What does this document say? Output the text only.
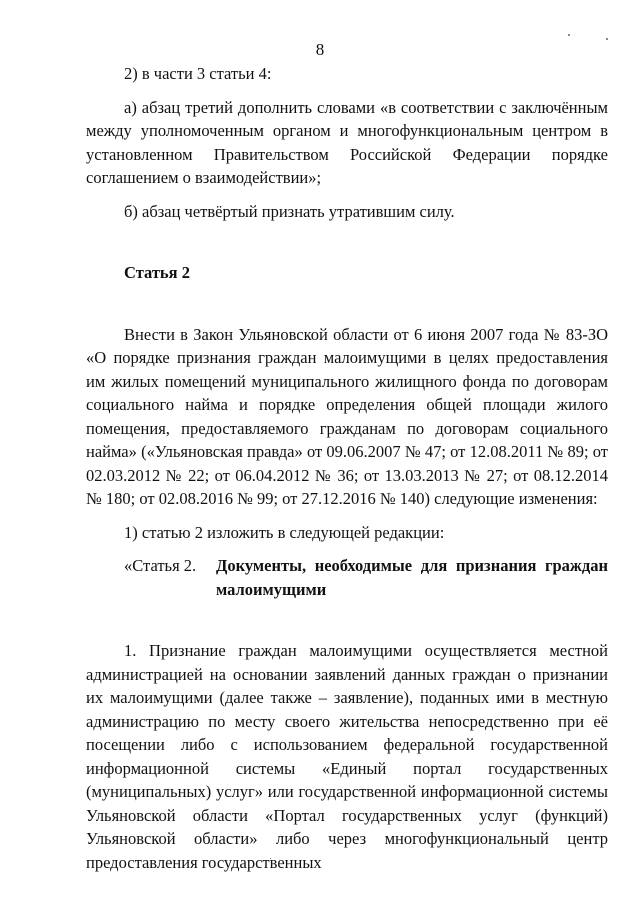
8

2) в части 3 статьи 4:

а) абзац третий дополнить словами «в соответствии с заключённым между уполномоченным органом и многофункциональным центром в установленном Правительством Российской Федерации порядке соглашением о взаимодействии»;

б) абзац четвёртый признать утратившим силу.

Статья 2

Внести в Закон Ульяновской области от 6 июня 2007 года № 83-ЗО «О порядке признания граждан малоимущими в целях предоставления им жилых помещений муниципального жилищного фонда по договорам социального найма и порядке определения общей площади жилого помещения, предоставляемого гражданам по договорам социального найма» («Ульяновская правда» от 09.06.2007 № 47; от 12.08.2011 № 89; от 02.03.2012 № 22; от 06.04.2012 № 36; от 13.03.2013 № 27; от 08.12.2014 № 180; от 02.08.2016 № 99; от 27.12.2016 № 140) следующие изменения:

1) статью 2 изложить в следующей редакции:

«Статья 2.	Документы, необходимые для признания граждан малоимущими

1. Признание граждан малоимущими осуществляется местной администрацией на основании заявлений данных граждан о признании их малоимущими (далее также – заявление), поданных ими в местную администрацию по месту своего жительства непосредственно при её посещении либо с использованием федеральной государственной информационной системы «Единый портал государственных (муниципальных) услуг» или государственной информационной системы Ульяновской области «Портал государственных услуг (функций) Ульяновской области» либо через многофункциональный центр предоставления государственных
